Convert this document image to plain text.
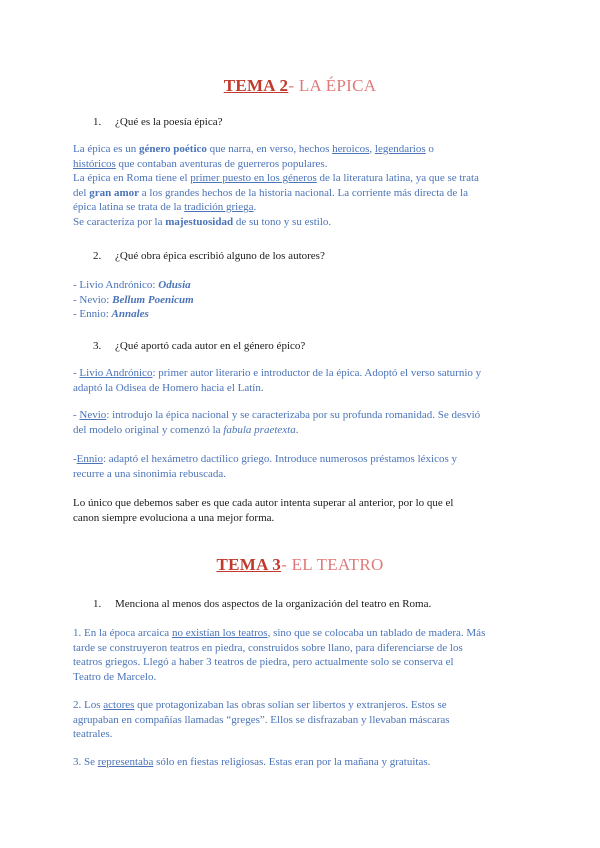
TEMA 2- LA ÉPICA
1. ¿Qué es la poesía épica?
La épica es un género poético que narra, en verso, hechos heroicos, legendarios o
históricos que contaban aventuras de guerreros populares.
La épica en Roma tiene el primer puesto en los géneros de la literatura latina, ya que se trata
del gran amor a los grandes hechos de la historia nacional. La corriente más directa de la
épica latina se trata de la tradición griega.
Se caracteriza por la majestuosidad de su tono y su estilo.
2. ¿Qué obra épica escribió alguno de los autores?
- Livio Andrónico: Odusia
- Nevio: Bellum Poenicum
- Ennio: Annales
3. ¿Qué aportó cada autor en el género épico?
- Livio Andrónico: primer autor literario e introductor de la épica. Adoptó el verso saturnio y
adaptó la Odisea de Homero hacia el Latín.
- Nevio: introdujo la épica nacional y se caracterizaba por su profunda romanidad. Se desvió
del modelo original y comenzó la fabula praetexta.
-Ennio: adaptó el hexámetro dactílico griego. Introduce numerosos préstamos léxicos y
recurre a una sinonimia rebuscada.
Lo único que debemos saber es que cada autor intenta superar al anterior, por lo que el
canon siempre evoluciona a una mejor forma.
TEMA 3- EL TEATRO
1. Menciona al menos dos aspectos de la organización del teatro en Roma.
1. En la época arcaica no existían los teatros, sino que se colocaba un tablado de madera. Más
tarde se construyeron teatros en piedra, construidos sobre llano, para diferenciarse de los
teatros griegos. Llegó a haber 3 teatros de piedra, pero actualmente solo se conserva el
Teatro de Marcelo.
2. Los actores que protagonizaban las obras solían ser libertos y extranjeros. Estos se
agrupaban en compañías llamadas “greges”. Ellos se disfrazaban y llevaban máscaras
teatrales.
3. Se representaba sólo en fiestas religiosas. Estas eran por la mañana y gratuitas.
